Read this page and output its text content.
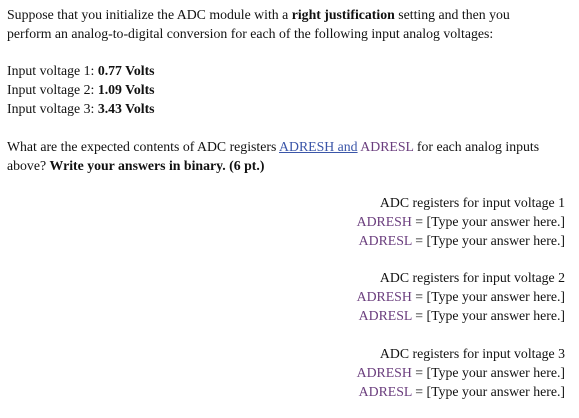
Suppose that you initialize the ADC module with a right justification setting and then you
perform an analog-to-digital conversion for each of the following input analog voltages:
Input voltage 1: 0.77 Volts
Input voltage 2: 1.09 Volts
Input voltage 3: 3.43 Volts
What are the expected contents of ADC registers ADRESH and ADRESL for each analog inputs
above? Write your answers in binary. (6 pt.)
ADC registers for input voltage 1
ADRESH = [Type your answer here.]
ADRESL = [Type your answer here.]
ADC registers for input voltage 2
ADRESH = [Type your answer here.]
ADRESL = [Type your answer here.]
ADC registers for input voltage 3
ADRESH = [Type your answer here.]
ADRESL = [Type your answer here.]
